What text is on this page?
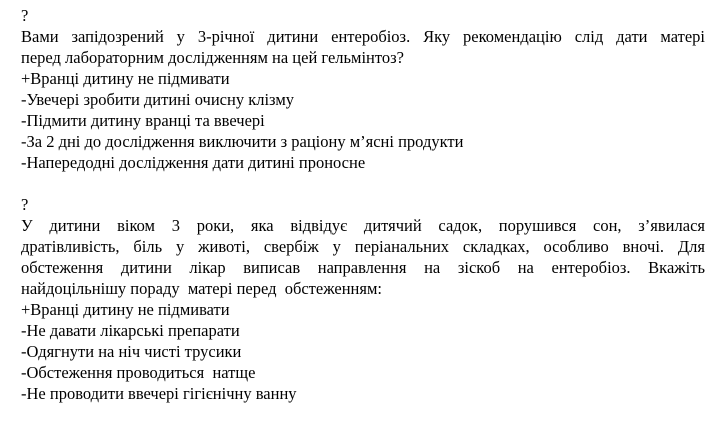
?
Вами запідозрений у 3-річної дитини ентеробіоз. Яку рекомендацію слід дати матері
перед лабораторним дослідженням на цей гельмінтоз?
+Вранці дитину не підмивати
-Увечері зробити дитині очисну клізму
-Підмити дитину вранці та ввечері
-За 2 дні до дослідження виключити з раціону м’ясні продукти
-Напередодні дослідження дати дитині проносне
?
У дитини віком 3 роки, яка відвідує дитячий садок, порушився сон, з’явилася
дратівливість, біль у животі, свербіж у періанальних складках, особливо вночі. Для
обстеження дитини лікар виписав направлення на зіскоб на ентеробіоз. Вкажіть
найдоцільнішу пораду  матері перед  обстеженням:
+Вранці дитину не підмивати
-Не давати лікарські препарати
-Одягнути на ніч чисті трусики
-Обстеження проводиться  натще
-Не проводити ввечері гігієнічну ванну
